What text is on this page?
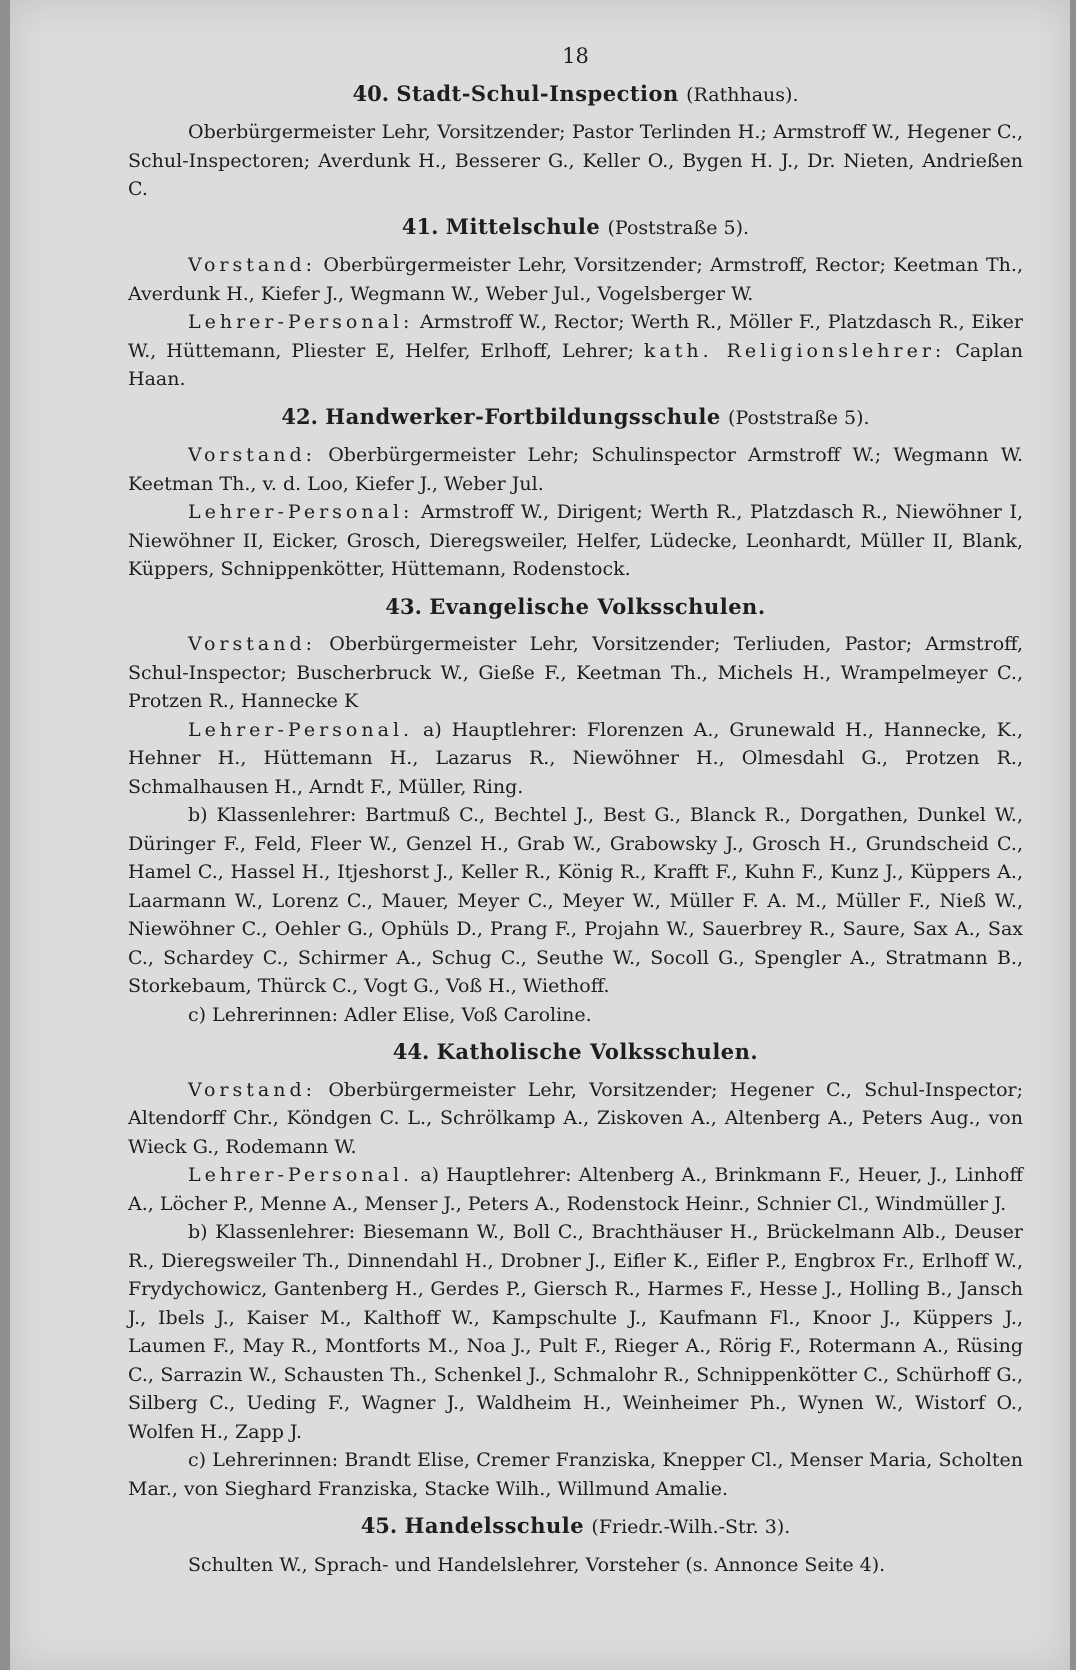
18
40. Stadt-Schul-Inspection (Rathhaus).

Oberbürgermeister Lehr, Vorsitzender; Pastor Terlinden H.; Armstroff W., Hegener C., Schul-Inspectoren; Averdunk H., Besserer G., Keller O., Bygen H. J., Dr. Nieten, Andrießen C.

41. Mittelschule (Poststraße 5).

Vorstand: Oberbürgermeister Lehr, Vorsitzender; Armstroff, Rector; Keetman Th., Averdunk H., Kiefer J., Wegmann W., Weber Jul., Vogelsberger W.

Lehrer-Personal: Armstroff W., Rector; Werth R., Möller F., Platzdasch R., Eiker W., Hüttemann, Pliester E, Helfer, Erlhoff, Lehrer; kath. Religionslehrer: Caplan Haan.

42. Handwerker-Fortbildungsschule (Poststraße 5).

Vorstand: Oberbürgermeister Lehr; Schulinspector Armstroff W.; Wegmann W. Keetman Th., v. d. Loo, Kiefer J., Weber Jul.

Lehrer-Personal: Armstroff W., Dirigent; Werth R., Platzdasch R., Niewöhner I, Niewöhner II, Eicker, Grosch, Dieregsweiler, Helfer, Lüdecke, Leonhardt, Müller II, Blank, Küppers, Schnippenkötter, Hüttemann, Rodenstock.

43. Evangelische Volksschulen.

Vorstand: Oberbürgermeister Lehr, Vorsitzender; Terliuden, Pastor; Armstroff, Schul-Inspector; Buscherbruck W., Gieße F., Keetman Th., Michels H., Wrampelmeyer C., Protzen R., Hannecke K

Lehrer-Personal. a) Hauptlehrer: Florenzen A., Grunewald H., Hannecke, K., Hehner H., Hüttemann H., Lazarus R., Niewöhner H., Olmesdahl G., Protzen R., Schmalhausen H., Arndt F., Müller, Ring.

b) Klassenlehrer: Bartmuß C., Bechtel J., Best G., Blanck R., Dorgathen, Dunkel W., Düringer F., Feld, Fleer W., Genzel H., Grab W., Grabowsky J., Grosch H., Grundscheid C., Hamel C., Hassel H., Itjeshorst J., Keller R., König R., Krafft F., Kuhn F., Kunz J., Küppers A., Laarmann W., Lorenz C., Mauer, Meyer C., Meyer W., Müller F. A. M., Müller F., Nieß W., Niewöhner C., Oehler G., Ophüls D., Prang F., Projahn W., Sauerbrey R., Saure, Sax A., Sax C., Schardey C., Schirmer A., Schug C., Seuthe W., Socoll G., Spengler A., Stratmann B., Storkebaum, Thürck C., Vogt G., Voß H., Wiethoff.

c) Lehrerinnen: Adler Elise, Voß Caroline.

44. Katholische Volksschulen.

Vorstand: Oberbürgermeister Lehr, Vorsitzender; Hegener C., Schul-Inspector; Altendorff Chr., Köndgen C. L., Schrölkamp A., Ziskoven A., Altenberg A., Peters Aug., von Wieck G., Rodemann W.

Lehrer-Personal. a) Hauptlehrer: Altenberg A., Brinkmann F., Heuer, J., Linhoff A., Löcher P., Menne A., Menser J., Peters A., Rodenstock Heinr., Schnier Cl., Windmüller J.

b) Klassenlehrer: Biesemann W., Boll C., Brachthäuser H., Brückelmann Alb., Deuser R., Dieregsweiler Th., Dinnendahl H., Drobner J., Eifler K., Eifler P., Engbrox Fr., Erlhoff W., Frydychowicz, Gantenberg H., Gerdes P., Giersch R., Harmes F., Hesse J., Holling B., Jansch J., Ibels J., Kaiser M., Kalthoff W., Kampschulte J., Kaufmann Fl., Knoor J., Küppers J., Laumen F., May R., Montforts M., Noa J., Pult F., Rieger A., Rörig F., Rotermann A., Rüsing C., Sarrazin W., Schausten Th., Schenkel J., Schmalohr R., Schnippenkötter C., Schürhoff G., Silberg C., Ueding F., Wagner J., Waldheim H., Weinheimer Ph., Wynen W., Wistorf O., Wolfen H., Zapp J.

c) Lehrerinnen: Brandt Elise, Cremer Franziska, Knepper Cl., Menser Maria, Scholten Mar., von Sieghard Franziska, Stacke Wilh., Willmund Amalie.

45. Handelsschule (Friedr.-Wilh.-Str. 3).

Schulten W., Sprach- und Handelslehrer, Vorsteher (s. Annonce Seite 4).
